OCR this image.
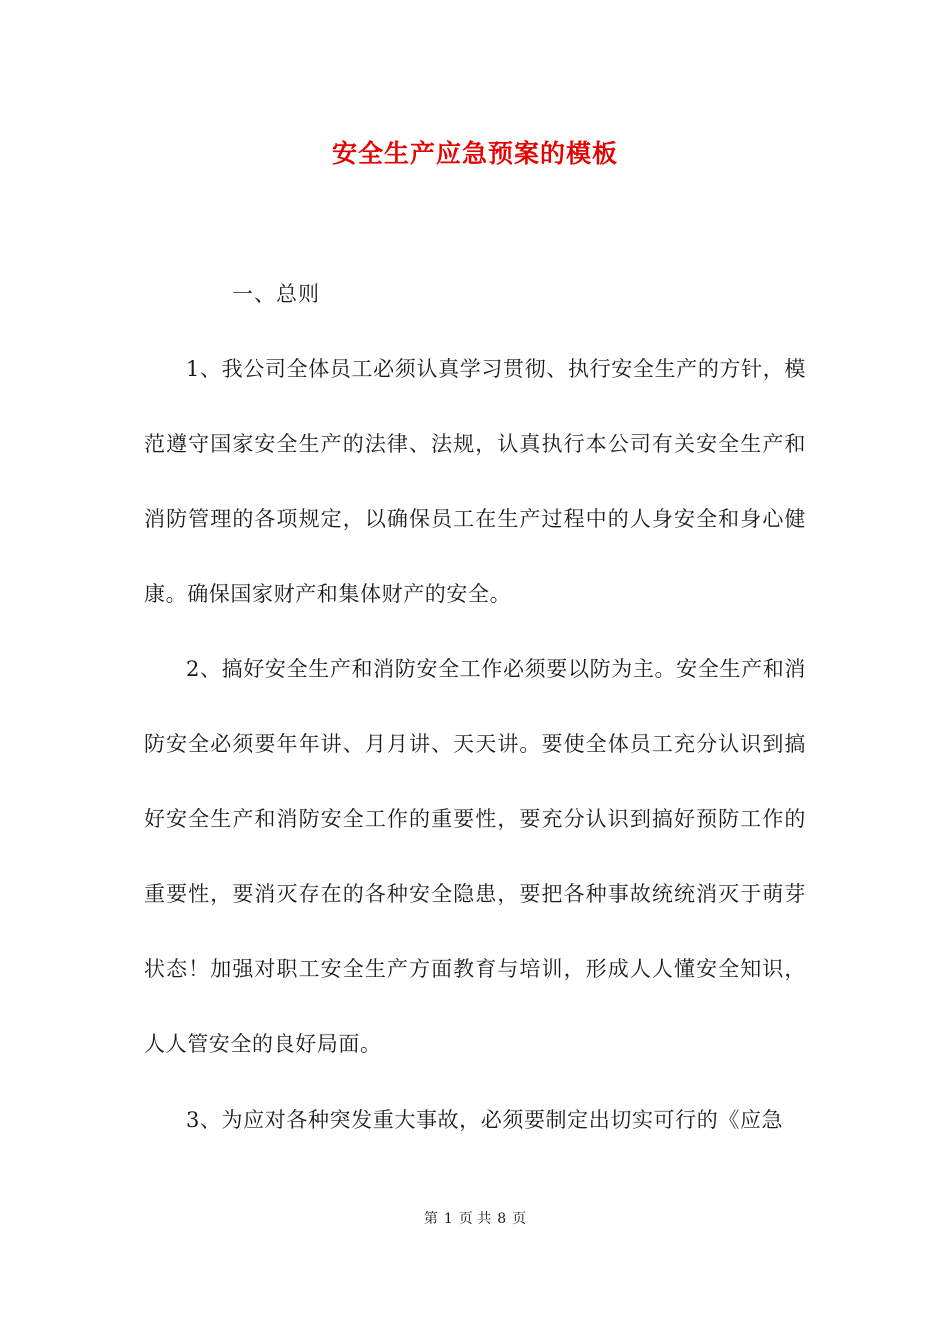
安全生产应急预案的模板
一、总则

1、我公司全体员工必须认真学习贯彻、执行安全生产的方针，模范遵守国家安全生产的法律、法规，认真执行本公司有关安全生产和消防管理的各项规定，以确保员工在生产过程中的人身安全和身心健康。确保国家财产和集体财产的安全。

2、搞好安全生产和消防安全工作必须要以防为主。安全生产和消防安全必须要年年讲、月月讲、天天讲。要使全体员工充分认识到搞好安全生产和消防安全工作的重要性，要充分认识到搞好预防工作的重要性，要消灭存在的各种安全隐患，要把各种事故统统消灭于萌芽状态！加强对职工安全生产方面教育与培训，形成人人懂安全知识，人人管安全的良好局面。

3、为应对各种突发重大事故，必须要制定出切实可行的《应急

第 1 页 共 8 页
